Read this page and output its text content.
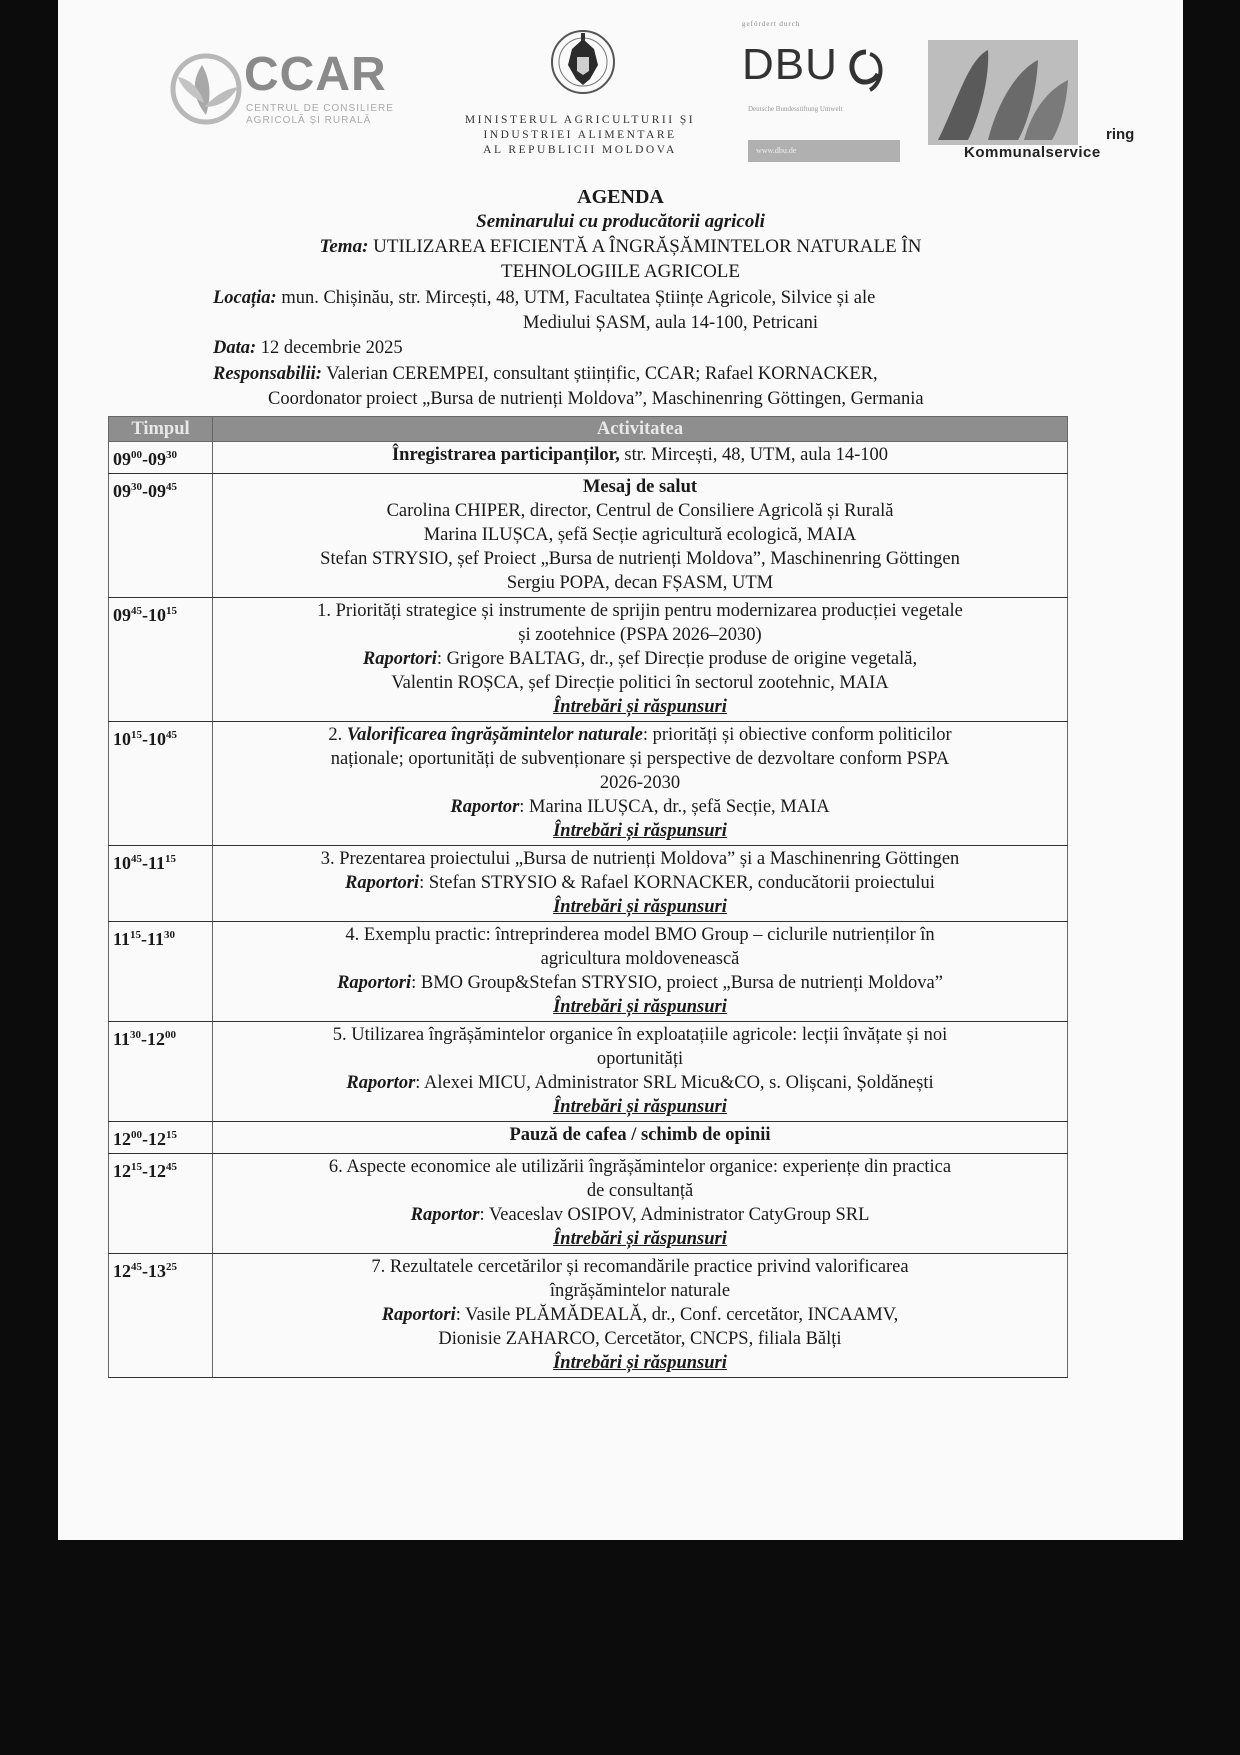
CCAR
CENTRUL DE CONSILIERE AGRICOLĂ ȘI RURALĂ	MINISTERUL AGRICULTURII ȘI
INDUSTRIEI ALIMENTARE
AL REPUBLICII MOLDOVA
gefördert durch
DBU
Deutsche Bundesstiftung Umwelt
www.dbu.de
ring
Kommunalservice
AGENDA
Seminarului cu producătorii agricoli
Tema: UTILIZAREA EFICIENTĂ A ÎNGRĂȘĂMINTELOR NATURALE ÎN
TEHNOLOGIILE AGRICOLE
Locația: mun. Chișinău, str. Mircești, 48, UTM, Facultatea Științe Agricole, Silvice și ale
Mediului ȘASM, aula 14-100, Petricani
Data: 12 decembrie 2025
Responsabilii: Valerian CEREMPEI, consultant științific, CCAR; Rafael KORNACKER,
Coordonator proiect „Bursa de nutrienți Moldova”, Maschinenring Göttingen, Germania
Timpul	Activitatea
$09^{00}-09^{30}$	Înregistrarea participanților, str. Mircești, 48, UTM, aula 14-100
$09^{30}-09^{45}$	Mesaj de salut
Carolina CHIPER, director, Centrul de Consiliere Agricolă și Rurală
Marina ILUȘCA, șefă Secție agricultură ecologică, MAIA
Stefan STRYSIO, șef Proiect „Bursa de nutrienți Moldova”, Maschinenring Göttingen
Sergiu POPA, decan FȘASM, UTM

$09^{45}-10^{15}$	1. Priorități strategice și instrumente de sprijin pentru modernizarea producției vegetale
și zootehnice (PSPA 2026–2030)
Raportori: Grigore BALTAG, dr., șef Direcție produse de origine vegetală,
Valentin ROȘCA, șef Direcție politici în sectorul zootehnic, MAIA
Întrebări și răspunsuri

$10^{15}-10^{45}$	2. Valorificarea îngrășămintelor naturale: priorități și obiective conform politicilor
naționale; oportunități de subvenționare și perspective de dezvoltare conform PSPA
2026-2030
Raportor: Marina ILUȘCA, dr., șefă Secție, MAIA
Întrebări și răspunsuri

$10^{45}-11^{15}$	3. Prezentarea proiectului „Bursa de nutrienți Moldova” și a Maschinenring Göttingen
Raportori: Stefan STRYSIO & Rafael KORNACKER, conducătorii proiectului
Întrebări și răspunsuri

$11^{15}-11^{30}$	4. Exemplu practic: întreprinderea model BMO Group – ciclurile nutrienților în
agricultura moldovenească
Raportori: BMO Group&Stefan STRYSIO, proiect „Bursa de nutrienți Moldova”
Întrebări și răspunsuri

$11^{30}-12^{00}$	5. Utilizarea îngrășămintelor organice în exploatațiile agricole: lecții învățate și noi
oportunități
Raportor: Alexei MICU, Administrator SRL Micu&CO, s. Olișcani, Șoldănești
Întrebări și răspunsuri

$12^{00}-12^{15}$	Pauză de cafea / schimb de opinii
$12^{15}-12^{45}$	6. Aspecte economice ale utilizării îngrășămintelor organice: experiențe din practica
de consultanță
Raportor: Veaceslav OSIPOV, Administrator CatyGroup SRL
Întrebări și răspunsuri

$12^{45}-13^{25}$	7. Rezultatele cercetărilor și recomandările practice privind valorificarea
îngrășămintelor naturale
Raportori: Vasile PLĂMĂDEALĂ, dr., Conf. cercetător, INCAAMV,
Dionisie ZAHARCO, Cercetător, CNCPS, filiala Bălți
Întrebări și răspunsuri
